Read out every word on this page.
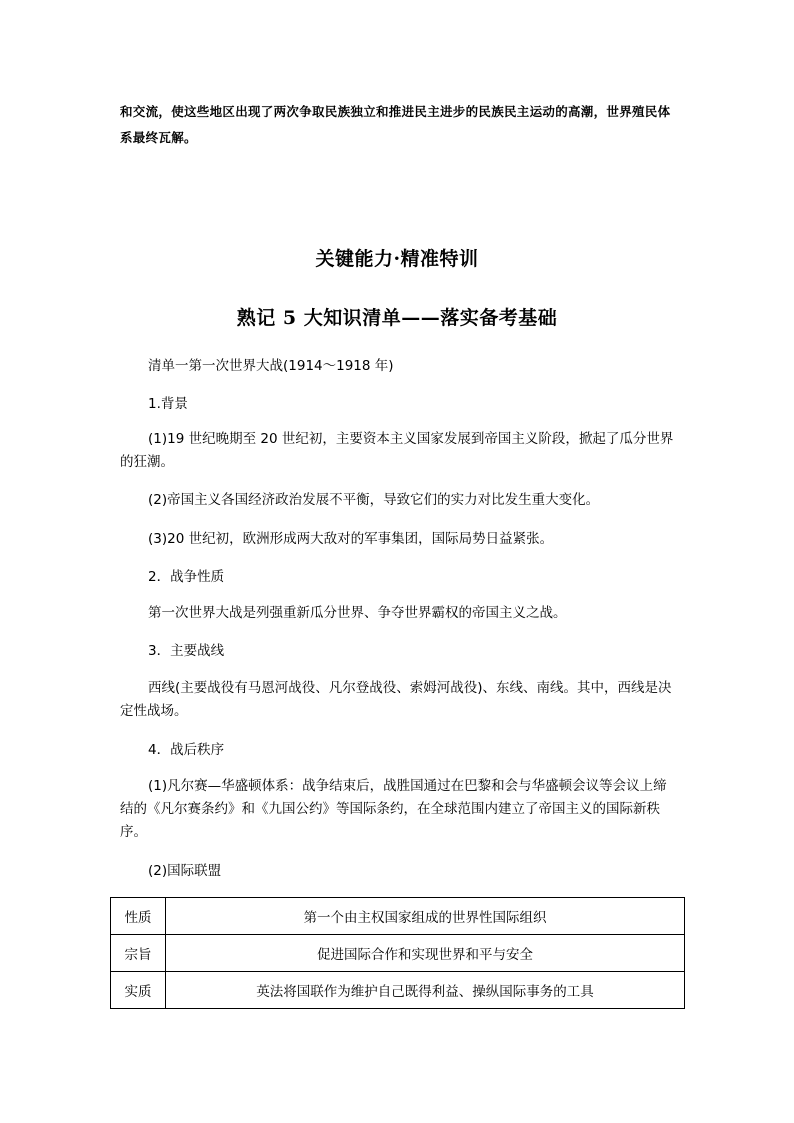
和交流，使这些地区出现了两次争取民族独立和推进民主进步的民族民主运动的高潮，世界殖民体系最终瓦解。
关键能力·精准特训
熟记 5 大知识清单——落实备考基础

清单一第一次世界大战(1914～1918 年)

1.背景

(1)19 世纪晚期至 20 世纪初，主要资本主义国家发展到帝国主义阶段，掀起了瓜分世界的狂潮。

(2)帝国主义各国经济政治发展不平衡，导致它们的实力对比发生重大变化。

(3)20 世纪初，欧洲形成两大敌对的军事集团，国际局势日益紧张。

2．战争性质

第一次世界大战是列强重新瓜分世界、争夺世界霸权的帝国主义之战。

3．主要战线

西线(主要战役有马恩河战役、凡尔登战役、索姆河战役)、东线、南线。其中，西线是决定性战场。

4．战后秩序

(1)凡尔赛—华盛顿体系：战争结束后，战胜国通过在巴黎和会与华盛顿会议等会议上缔结的《凡尔赛条约》和《九国公约》等国际条约，在全球范围内建立了帝国主义的国际新秩序。

(2)国际联盟

性质	第一个由主权国家组成的世界性国际组织
宗旨	促进国际合作和实现世界和平与安全
实质	英法将国联作为维护自己既得利益、操纵国际事务的工具
